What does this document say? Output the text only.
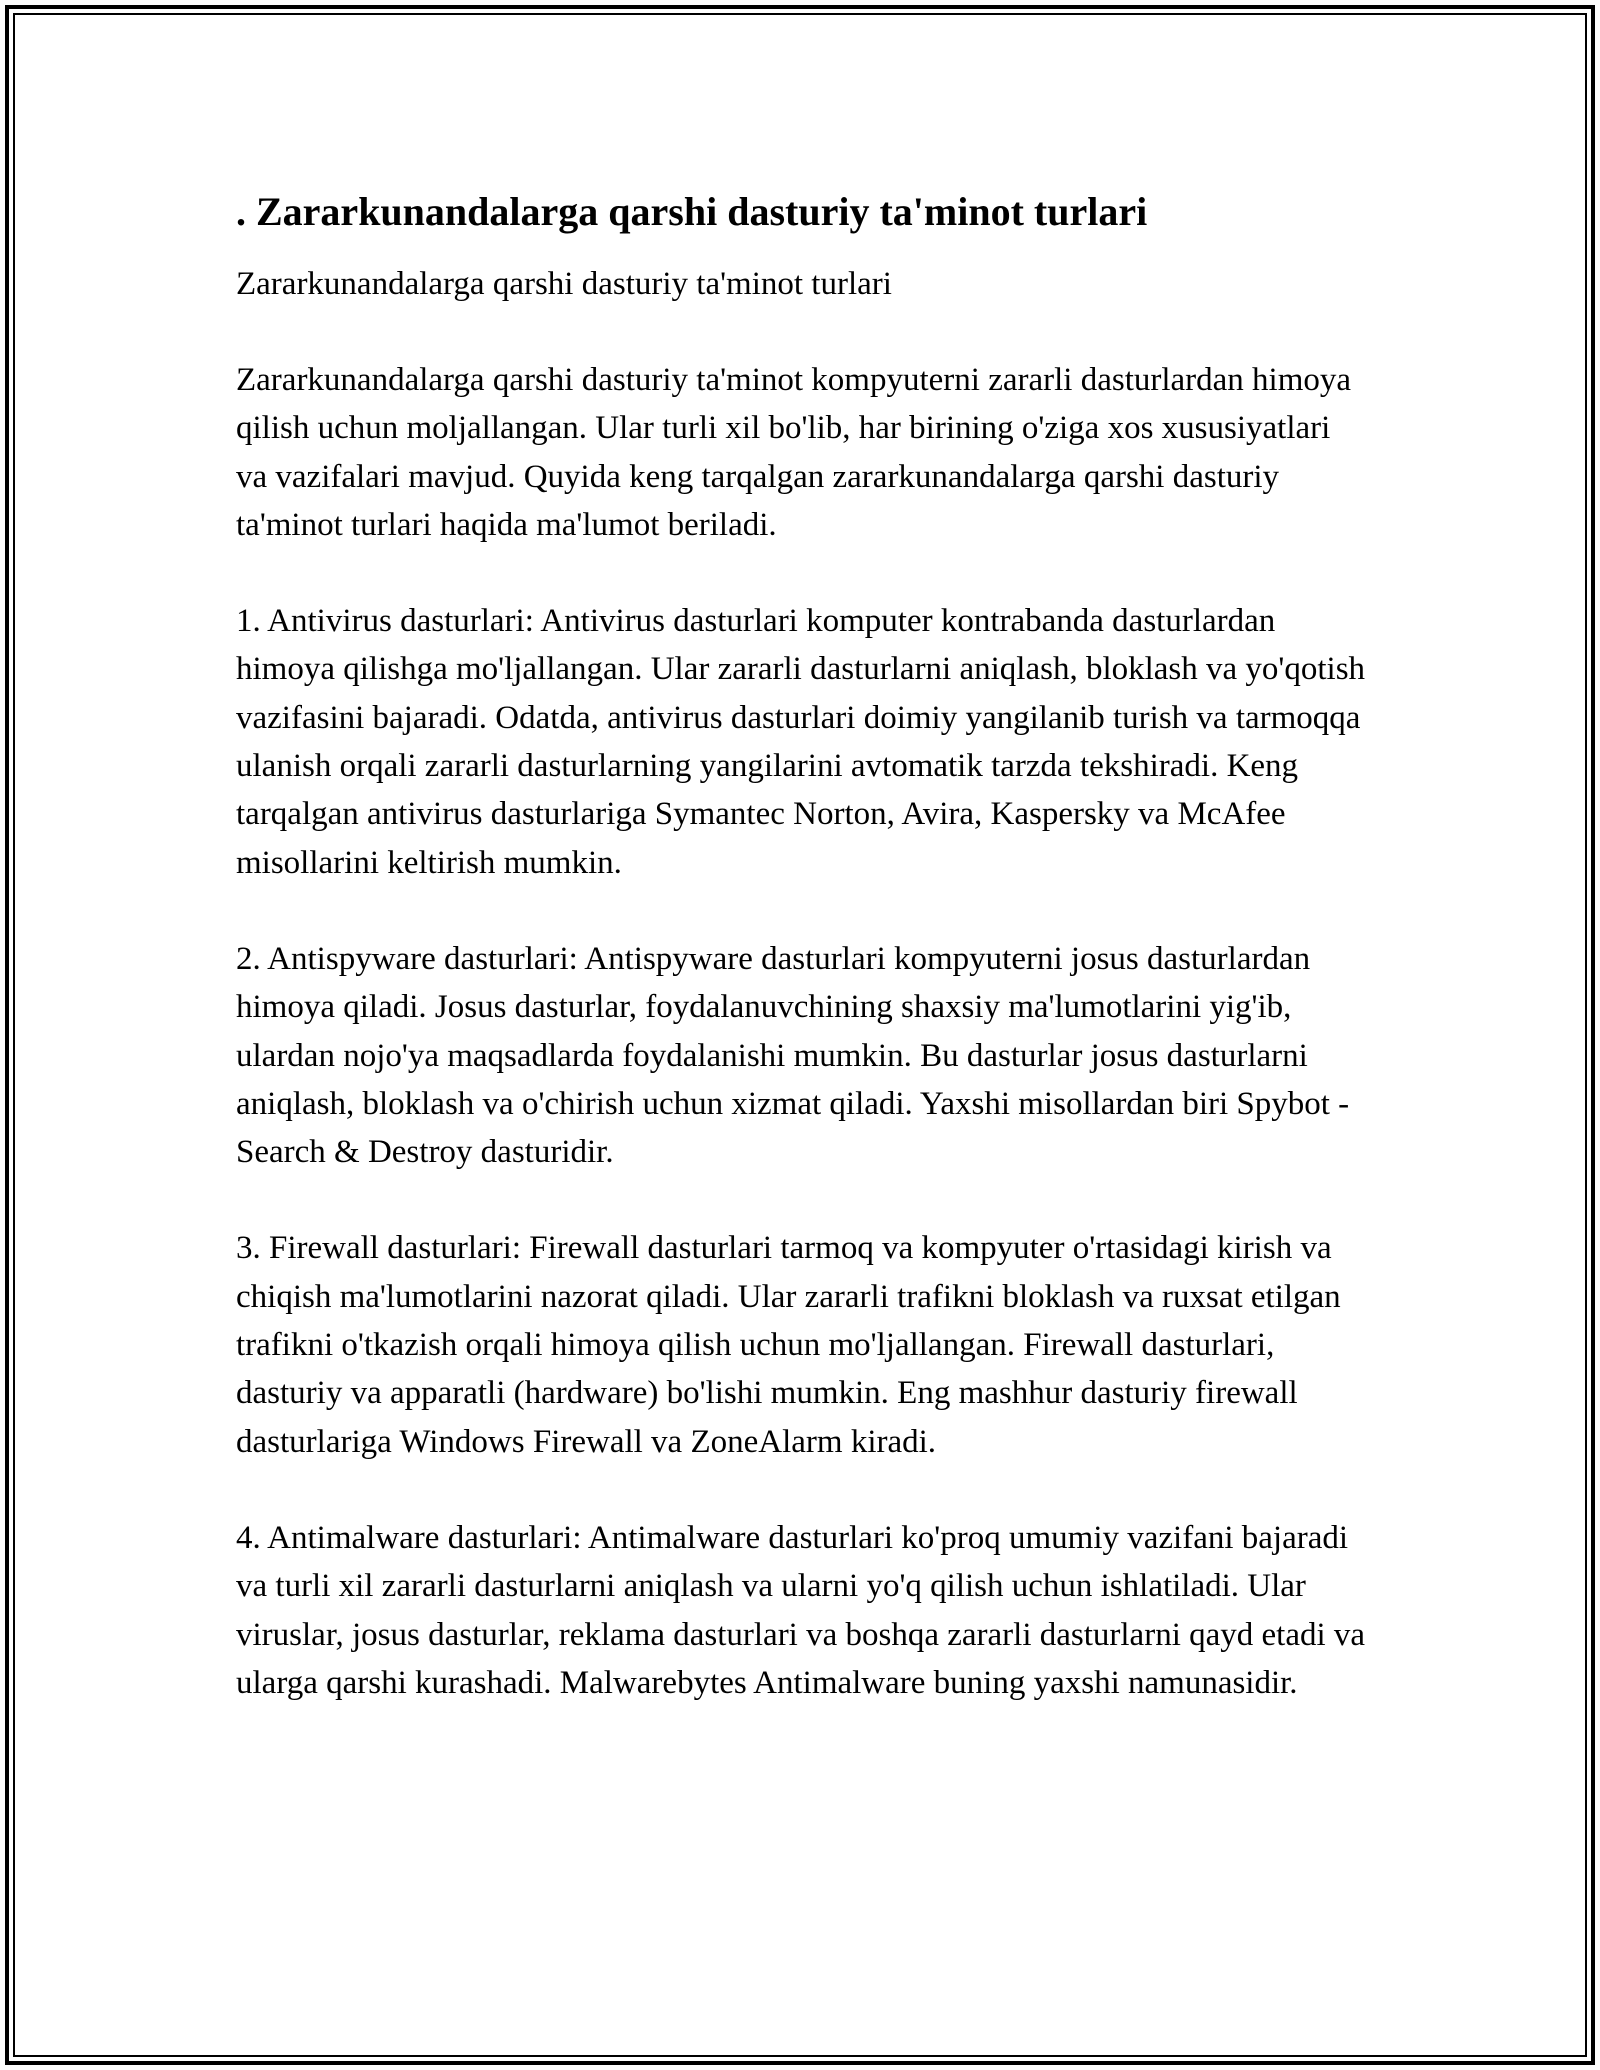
. Zararkunandalarga qarshi dasturiy ta'minot turlari

Zararkunandalarga qarshi dasturiy ta'minot turlari

Zararkunandalarga qarshi dasturiy ta'minot kompyuterni zararli dasturlardan himoya qilish uchun moljallangan. Ular turli xil bo'lib, har birining o'ziga xos xususiyatlari va vazifalari mavjud. Quyida keng tarqalgan zararkunandalarga qarshi dasturiy ta'minot turlari haqida ma'lumot beriladi.

1. Antivirus dasturlari: Antivirus dasturlari komputer kontrabanda dasturlardan himoya qilishga mo'ljallangan. Ular zararli dasturlarni aniqlash, bloklash va yo'qotish vazifasini bajaradi. Odatda, antivirus dasturlari doimiy yangilanib turish va tarmoqqa ulanish orqali zararli dasturlarning yangilarini avtomatik tarzda tekshiradi. Keng tarqalgan antivirus dasturlariga Symantec Norton, Avira, Kaspersky va McAfee misollarini keltirish mumkin.

2. Antispyware dasturlari: Antispyware dasturlari kompyuterni josus dasturlardan himoya qiladi. Josus dasturlar, foydalanuvchining shaxsiy ma'lumotlarini yig'ib, ulardan nojo'ya maqsadlarda foydalanishi mumkin. Bu dasturlar josus dasturlarni aniqlash, bloklash va o'chirish uchun xizmat qiladi. Yaxshi misollardan biri Spybot - Search & Destroy dasturidir.

3. Firewall dasturlari: Firewall dasturlari tarmoq va kompyuter o'rtasidagi kirish va chiqish ma'lumotlarini nazorat qiladi. Ular zararli trafikni bloklash va ruxsat etilgan trafikni o'tkazish orqali himoya qilish uchun mo'ljallangan. Firewall dasturlari, dasturiy va apparatli (hardware) bo'lishi mumkin. Eng mashhur dasturiy firewall dasturlariga Windows Firewall va ZoneAlarm kiradi.

4. Antimalware dasturlari: Antimalware dasturlari ko'proq umumiy vazifani bajaradi va turli xil zararli dasturlarni aniqlash va ularni yo'q qilish uchun ishlatiladi. Ular viruslar, josus dasturlar, reklama dasturlari va boshqa zararli dasturlarni qayd etadi va ularga qarshi kurashadi. Malwarebytes Antimalware buning yaxshi namunasidir.
